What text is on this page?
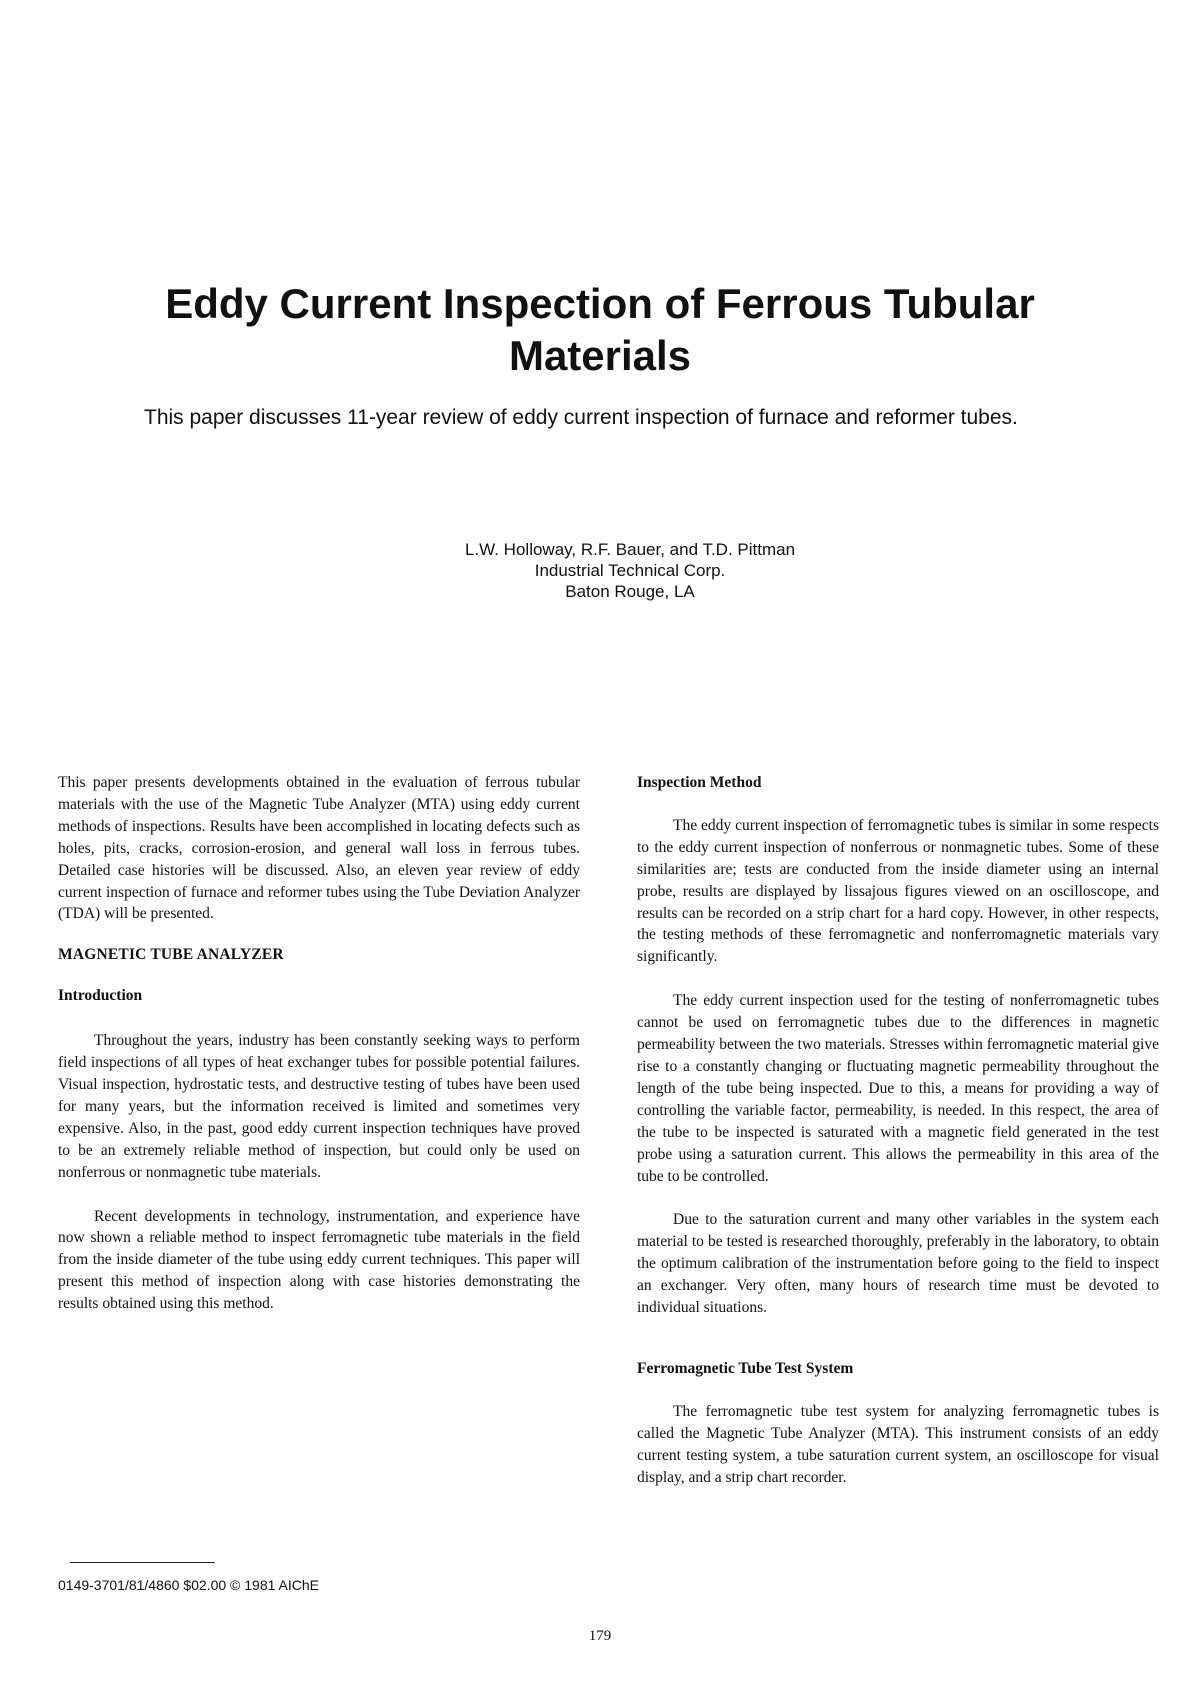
Eddy Current Inspection of Ferrous Tubular Materials

This paper discusses 11-year review of eddy current inspection of furnace and reformer tubes.

L.W. Holloway, R.F. Bauer, and T.D. Pittman
Industrial Technical Corp.
Baton Rouge, LA

This paper presents developments obtained in the evaluation of ferrous tubular materials with the use of the Magnetic Tube Analyzer (MTA) using eddy current methods of inspections. Results have been accomplished in locating defects such as holes, pits, cracks, corrosion-erosion, and general wall loss in ferrous tubes. Detailed case histories will be discussed. Also, an eleven year review of eddy current inspection of furnace and reformer tubes using the Tube Deviation Analyzer (TDA) will be presented.

MAGNETIC TUBE ANALYZER
Introduction

Throughout the years, industry has been constantly seeking ways to perform field inspections of all types of heat exchanger tubes for possible potential failures. Visual inspection, hydrostatic tests, and destructive testing of tubes have been used for many years, but the information received is limited and sometimes very expensive. Also, in the past, good eddy current inspection techniques have proved to be an extremely reliable method of inspection, but could only be used on nonferrous or nonmagnetic tube materials.

Recent developments in technology, instrumentation, and experience have now shown a reliable method to inspect ferromagnetic tube materials in the field from the inside diameter of the tube using eddy current techniques. This paper will present this method of inspection along with case histories demonstrating the results obtained using this method.

Inspection Method

The eddy current inspection of ferromagnetic tubes is similar in some respects to the eddy current inspection of nonferrous or nonmagnetic tubes. Some of these similarities are; tests are conducted from the inside diameter using an internal probe, results are displayed by lissajous figures viewed on an oscilloscope, and results can be recorded on a strip chart for a hard copy. However, in other respects, the testing methods of these ferromagnetic and nonferromagnetic materials vary significantly.

The eddy current inspection used for the testing of nonferromagnetic tubes cannot be used on ferromagnetic tubes due to the differences in magnetic permeability between the two materials. Stresses within ferromagnetic material give rise to a constantly changing or fluctuating magnetic permeability throughout the length of the tube being inspected. Due to this, a means for providing a way of controlling the variable factor, permeability, is needed. In this respect, the area of the tube to be inspected is saturated with a magnetic field generated in the test probe using a saturation current. This allows the permeability in this area of the tube to be controlled.

Due to the saturation current and many other variables in the system each material to be tested is researched thoroughly, preferably in the laboratory, to obtain the optimum calibration of the instrumentation before going to the field to inspect an exchanger. Very often, many hours of research time must be devoted to individual situations.

Ferromagnetic Tube Test System

The ferromagnetic tube test system for analyzing ferromagnetic tubes is called the Magnetic Tube Analyzer (MTA). This instrument consists of an eddy current testing system, a tube saturation current system, an oscilloscope for visual display, and a strip chart recorder.

0149-3701/81/4860 $02.00 © 1981 AIChE
179
